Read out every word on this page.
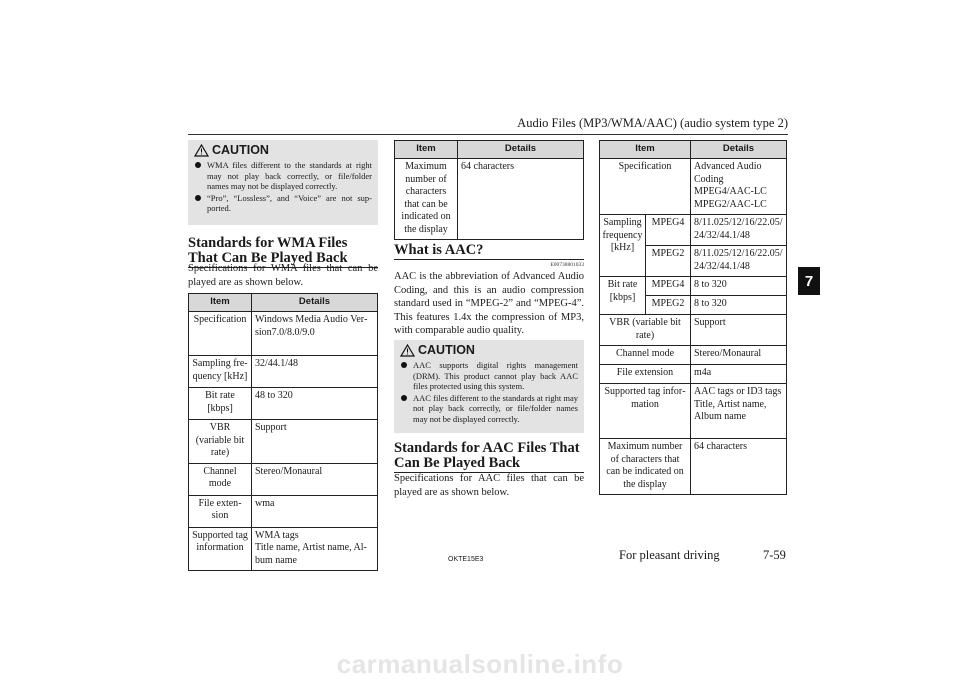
Audio Files (MP3/WMA/AAC) (audio system type 2)
7
CAUTION
WMA files different to the standards at right may not play back correctly, or file/folder names may not be displayed correctly.
“Pro”, “Lossless”, and “Voice” are not supported.
Standards for WMA Files That Can Be Played Back
Specifications for WMA files that can be played are as shown below.
Item	Details
Specification	Windows Media Audio Version7.0/8.0/9.0
Sampling frequency [kHz]	32/44.1/48
Bit rate [kbps]	48 to 320
VBR (variable bit rate)	Support
Channel mode	Stereo/Monaural
File extension	wma
Supported tag information	WMA tags
Title name, Artist name, Album name
Item	Details
Maximum number of characters that can be indicated on the display	64 characters
What is AAC?
E00738801033
AAC is the abbreviation of Advanced Audio Coding, and this is an audio compression standard used in “MPEG-2” and “MPEG-4”. This features 1.4x the compression of MP3, with comparable audio quality.
CAUTION
AAC supports digital rights management (DRM). This product cannot play back AAC files protected using this system.
AAC files different to the standards at right may not play back correctly, or file/folder names may not be displayed correctly.
Standards for AAC Files That Can Be Played Back
Specifications for AAC files that can be played are as shown below.
Item		Details
Specification		Advanced Audio Coding
MPEG4/AAC-LC
MPEG2/AAC-LC
Sampling frequency [kHz]	MPEG4	8/11.025/12/16/22.05/24/32/44.1/48
	MPEG2	8/11.025/12/16/22.05/24/32/44.1/48
Bit rate [kbps]	MPEG4	8 to 320
	MPEG2	8 to 320
VBR (variable bit rate)		Support
Channel mode		Stereo/Monaural
File extension		m4a
Supported tag information		AAC tags or ID3 tags
Title, Artist name, Album name
Maximum number of characters that can be indicated on the display		64 characters
OKTE15E3	For pleasant driving	7-59
carmanualsonline.info
